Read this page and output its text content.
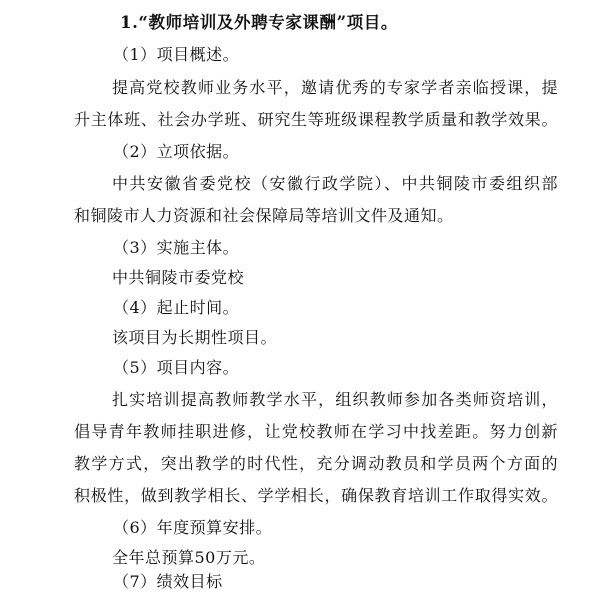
1.“教师培训及外聘专家课酬”项目。
（1）项目概述。
提高党校教师业务水平，邀请优秀的专家学者亲临授课，提
升主体班、社会办学班、研究生等班级课程教学质量和教学效果。
（2）立项依据。
中共安徽省委党校（安徽行政学院）、中共铜陵市委组织部
和铜陵市人力资源和社会保障局等培训文件及通知。
（3）实施主体。
中共铜陵市委党校
（4）起止时间。
该项目为长期性项目。
（5）项目内容。
扎实培训提高教师教学水平，组织教师参加各类师资培训，
倡导青年教师挂职进修，让党校教师在学习中找差距。努力创新
教学方式，突出教学的时代性，充分调动教员和学员两个方面的
积极性，做到教学相长、学学相长，确保教育培训工作取得实效。
（6）年度预算安排。
全年总预算50万元。
（7）绩效目标
